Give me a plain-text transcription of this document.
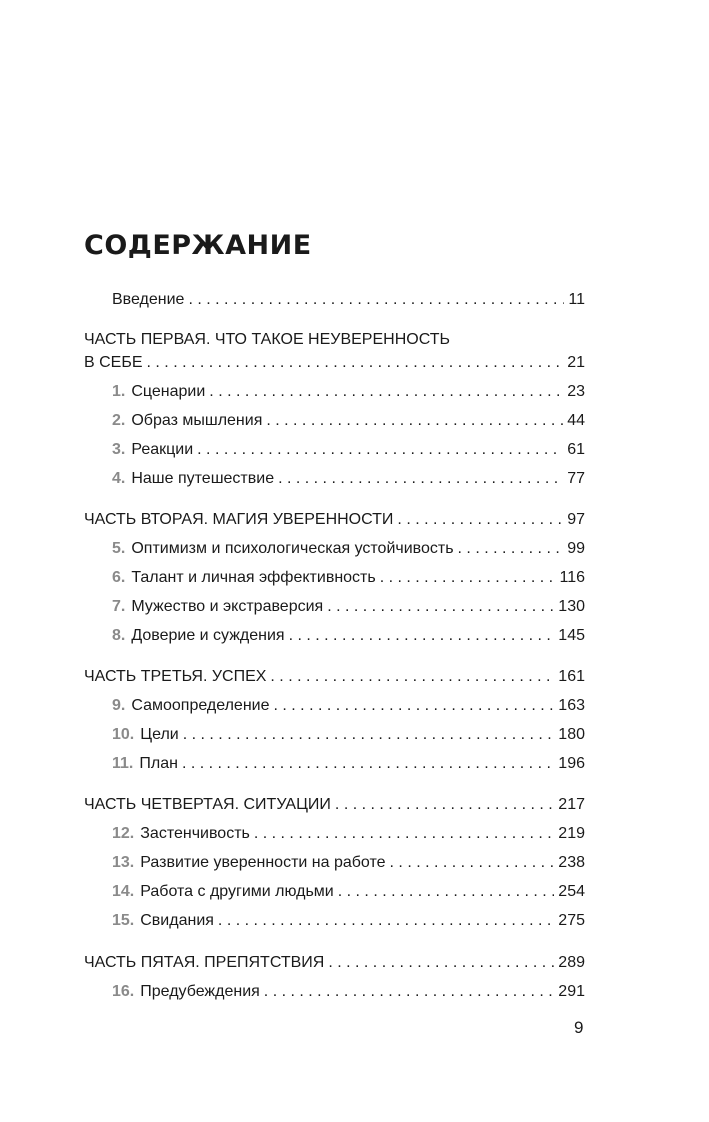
СОДЕРЖАНИЕ
Введение . . .	11
ЧАСТЬ ПЕРВАЯ. ЧТО ТАКОЕ НЕУВЕРЕННОСТЬ
В СЕБЕ . . .	21
1. Сценарии . . .	23
2. Образ мышления . . .	44
3. Реакции . . .	61
4. Наше путешествие . . .	77
ЧАСТЬ ВТОРАЯ. МАГИЯ УВЕРЕННОСТИ . . .	97
5. Оптимизм и психологическая устойчивость . . .	99
6. Талант и личная эффективность . . .	116
7. Мужество и экстраверсия . . .	130
8. Доверие и суждения . . .	145
ЧАСТЬ ТРЕТЬЯ. УСПЕХ . . .	161
9. Самоопределение . . .	163
10. Цели . . .	180
11. План . . .	196
ЧАСТЬ ЧЕТВЕРТАЯ. СИТУАЦИИ . . .	217
12. Застенчивость . . .	219
13. Развитие уверенности на работе . . .	238
14. Работа с другими людьми . . .	254
15. Свидания . . .	275
ЧАСТЬ ПЯТАЯ. ПРЕПЯТСТВИЯ . . .	289
16. Предубеждения . . .	291
9
